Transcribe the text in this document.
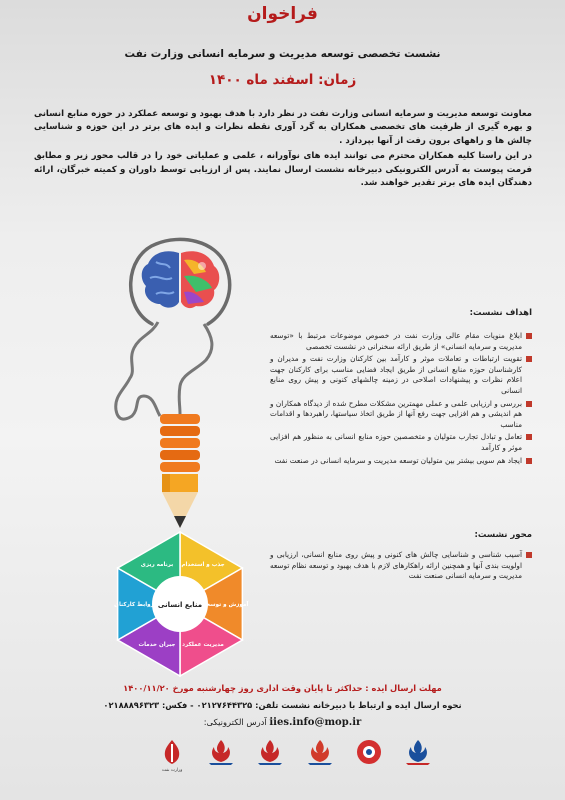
فراخوان
نشست تخصصی توسعه مدیریت و سرمایه انسانی وزارت نفت
زمان: اسفند ماه ۱۴۰۰

معاونت توسعه مدیریت و سرمایه انسانی وزارت نفت در نظر دارد با هدف بهبود و توسعه عملکرد در حوزه منابع انسانی و بهره گیری از ظرفیت های تخصصی همکاران به گرد آوری نقطه نظرات و ایده های برتر در این حوزه و شناسایی چالش ها و راههای برون رفت از آنها بپردازد .

در این راستا کلیه همکاران محترم می توانند ایده های نوآورانه ، علمی و عملیاتی خود را در قالب محور زیر و مطابق فرمت پیوست به آدرس الکترونیکی دبیرخانه نشست ارسال نمایند. پس از ارزیابی توسط داوران و کمیته خبرگان، ارائه دهندگان ایده های برتر تقدیر خواهند شد.

اهداف نشست:
ابلاغ منویات مقام عالی وزارت نفت در خصوص موضوعات مرتبط با «توسعه مدیریت و سرمایه انسانی» از طریق ارائه سخنرانی در نشست تخصصی
تقویت ارتباطات و تعاملات موثر و کارآمد بین کارکنان وزارت نفت و مدیران و کارشناسان حوزه منابع انسانی از طریق ایجاد فضایی مناسب برای کارکنان جهت اعلام نظرات و پیشنهادات اصلاحی در زمینه چالشهای کنونی و پیش روی منابع انسانی
بررسی و ارزیابی علمی و عملی مهمترین مشکلات مطرح شده از دیدگاه همکاران و هم اندیشی و هم افزایی جهت رفع آنها از طریق اتخاذ سیاستها، راهبردها و اقدامات مناسب
تعامل و تبادل تجارب متولیان و متخصصین حوزه منابع انسانی به منظور هم افزایی موثر و کارآمد
ایجاد هم سویی بیشتر بین متولیان توسعه مدیریت و سرمایه انسانی در صنعت نفت
محور نشست:
آسیب شناسی و شناسایی چالش های کنونی و پیش روی منابع انسانی، ارزیابی و اولویت بندی آنها و همچنین ارائه راهکارهای لازم با هدف بهبود و توسعه نظام توسعه مدیریت و سرمایه انسانی صنعت نفت
منابع انسانی
جذب و استخدام
آموزش و توسعه
مدیریت عملکرد
جبران خدمات
روابط کارکنان
برنامه ریزی
مهلت ارسال ایده : حداکثر تا پایان وقت اداری روز چهارشنبه مورخ ۱۴۰۰/۱۱/۲۰
نحوه ارسال ایده و ارتباط با دبیرخانه نشست تلفن: ۰۲۱۲۷۶۴۴۳۲۵ - فکس: ۰۲۱۸۸۸۹۶۳۲۳
iies.info@mop.ir آدرس الکترونیکی:
وزارت نفت
